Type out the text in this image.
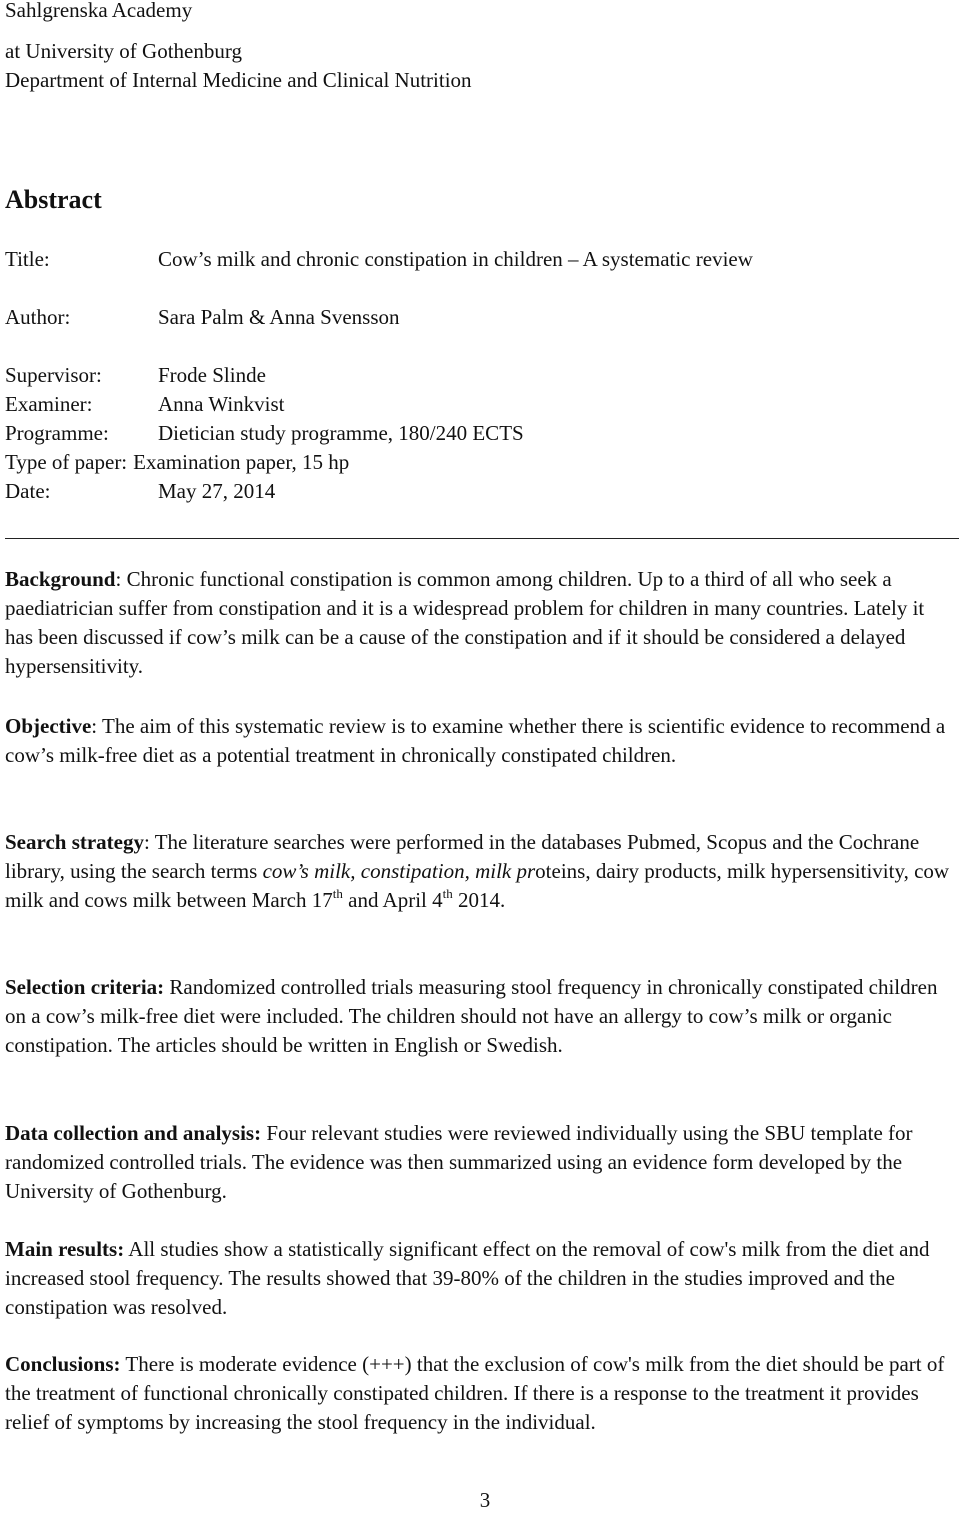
Sahlgrenska Academy
at University of Gothenburg
Department of Internal Medicine and Clinical Nutrition
Abstract
Title:	Cow’s milk and chronic constipation in children – A systematic review
Author:	Sara Palm & Anna Svensson
Supervisor:	Frode Slinde
Examiner:	Anna Winkvist
Programme:	Dietician study programme, 180/240 ECTS
Type of paper: Examination paper, 15 hp
Date:	May 27, 2014

Background: Chronic functional constipation is common among children. Up to a third of all who seek a paediatrician suffer from constipation and it is a widespread problem for children in many countries. Lately it has been discussed if cow’s milk can be a cause of the constipation and if it should be considered a delayed hypersensitivity.

Objective: The aim of this systematic review is to examine whether there is scientific evidence to recommend a cow’s milk-free diet as a potential treatment in chronically constipated children.

Search strategy: The literature searches were performed in the databases Pubmed, Scopus and the Cochrane library, using the search terms cow’s milk, constipation, milk proteins, dairy products, milk hypersensitivity, cow milk and cows milk between March 17th and April 4th 2014.

Selection criteria: Randomized controlled trials measuring stool frequency in chronically constipated children on a cow’s milk-free diet were included. The children should not have an allergy to cow’s milk or organic constipation. The articles should be written in English or Swedish.

Data collection and analysis: Four relevant studies were reviewed individually using the SBU template for randomized controlled trials. The evidence was then summarized using an evidence form developed by the University of Gothenburg.

Main results: All studies show a statistically significant effect on the removal of cow's milk from the diet and increased stool frequency. The results showed that 39-80% of the children in the studies improved and the constipation was resolved.

Conclusions: There is moderate evidence (+++) that the exclusion of cow's milk from the diet should be part of the treatment of functional chronically constipated children. If there is a response to the treatment it provides relief of symptoms by increasing the stool frequency in the individual.

3
